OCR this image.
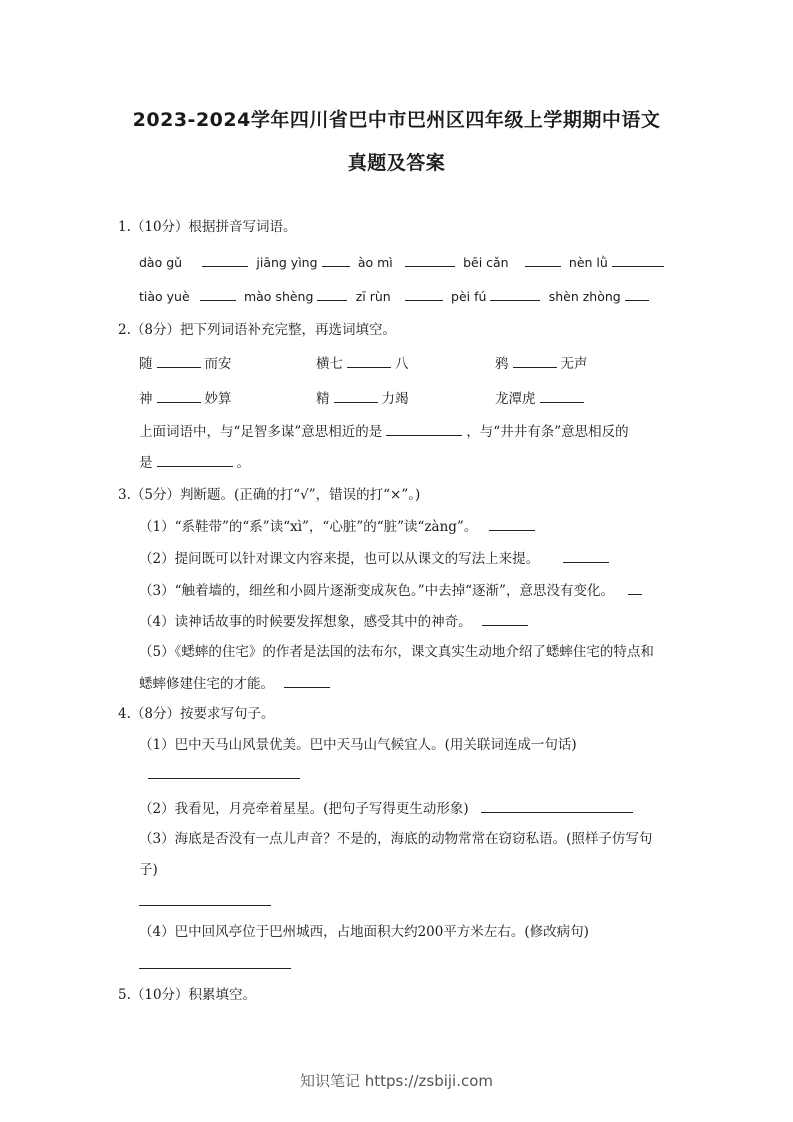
2023-2024学年四川省巴中市巴州区四年级上学期期中语文
真题及答案
1.（10分）根据拼音写词语。
dào gǔ	jiāng yìng	ào mì	bēi cǎn	nèn lǜ
tiào yuè	mào shèng	zī rùn	pèi fú	shèn zhòng
2.（8分）把下列词语补充完整，再选词填空。
随	而安	横七	八	鸦	无声
神	妙算	精	力竭	龙潭虎
上面词语中，与“足智多谋”意思相近的是	，与“井井有条”意思相反的
是	。
3.（5分）判断题。(正确的打“√”，错误的打“×”。)
（1）“系鞋带”的“系”读“xì”，“心脏”的“脏”读“zàng”。
（2）提问既可以针对课文内容来提，也可以从课文的写法上来提。
（3）“触着墙的，细丝和小圆片逐渐变成灰色。”中去掉“逐渐”，意思没有变化。
（4）读神话故事的时候要发挥想象，感受其中的神奇。
（5）《蟋蟀的住宅》的作者是法国的法布尔，课文真实生动地介绍了蟋蟀住宅的特点和
蟋蟀修建住宅的才能。
4.（8分）按要求写句子。
（1）巴中天马山风景优美。巴中天马山气候宜人。(用关联词连成一句话)
（2）我看见，月亮牵着星星。(把句子写得更生动形象)
（3）海底是否没有一点儿声音？不是的，海底的动物常常在窃窃私语。(照样子仿写句
子)
（4）巴中回风亭位于巴州城西，占地面积大约200平方米左右。(修改病句)
5.（10分）积累填空。
知识笔记 https://zsbiji.com
